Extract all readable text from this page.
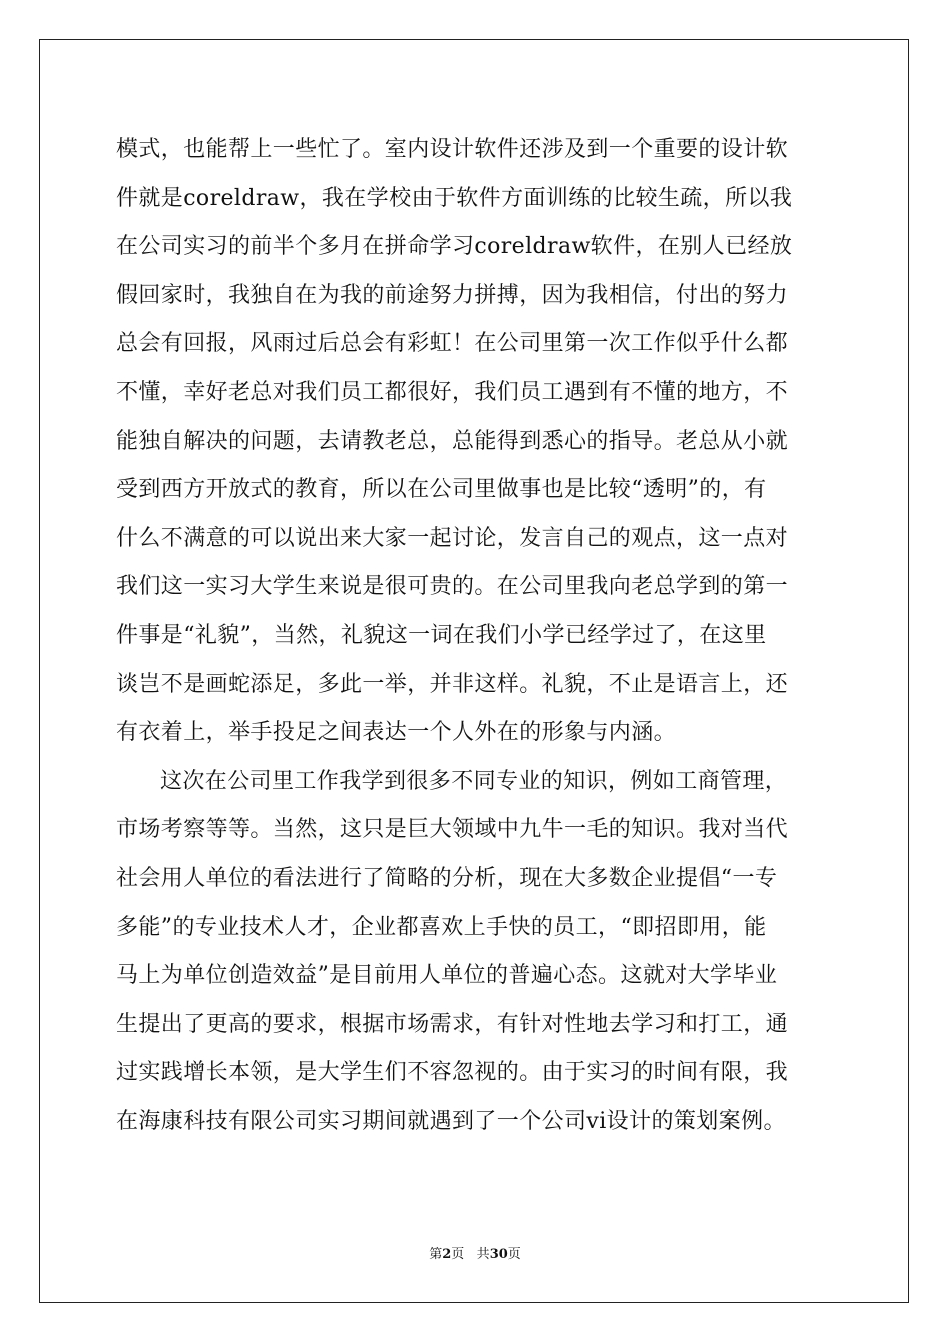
模式，也能帮上一些忙了。室内设计软件还涉及到一个重要的设计软
件就是coreldraw，我在学校由于软件方面训练的比较生疏，所以我
在公司实习的前半个多月在拼命学习coreldraw软件，在别人已经放
假回家时，我独自在为我的前途努力拼搏，因为我相信，付出的努力
总会有回报，风雨过后总会有彩虹！在公司里第一次工作似乎什么都
不懂，幸好老总对我们员工都很好，我们员工遇到有不懂的地方，不
能独自解决的问题，去请教老总，总能得到悉心的指导。老总从小就
受到西方开放式的教育，所以在公司里做事也是比较“透明”的，有
什么不满意的可以说出来大家一起讨论，发言自己的观点，这一点对
我们这一实习大学生来说是很可贵的。在公司里我向老总学到的第一
件事是“礼貌”，当然，礼貌这一词在我们小学已经学过了，在这里
谈岂不是画蛇添足，多此一举，并非这样。礼貌，不止是语言上，还
有衣着上，举手投足之间表达一个人外在的形象与内涵。
这次在公司里工作我学到很多不同专业的知识，例如工商管理，
市场考察等等。当然，这只是巨大领域中九牛一毛的知识。我对当代
社会用人单位的看法进行了简略的分析，现在大多数企业提倡“一专
多能”的专业技术人才，企业都喜欢上手快的员工，“即招即用，能
马上为单位创造效益”是目前用人单位的普遍心态。这就对大学毕业
生提出了更高的要求，根据市场需求，有针对性地去学习和打工，通
过实践增长本领，是大学生们不容忽视的。由于实习的时间有限，我
在海康科技有限公司实习期间就遇到了一个公司vi设计的策划案例。
第2页 共30页
